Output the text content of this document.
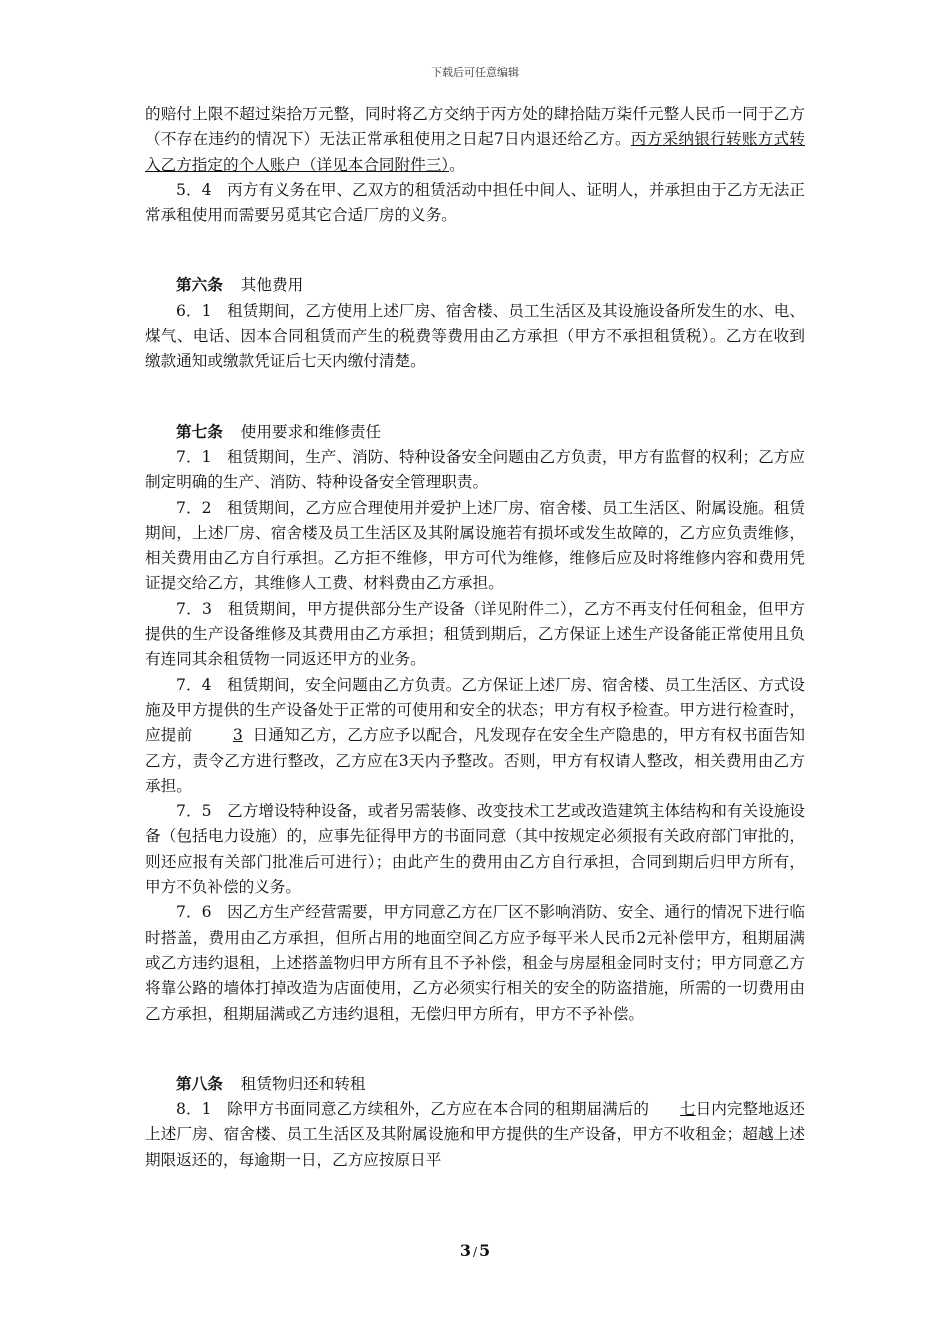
下载后可任意编辑

的赔付上限不超过柒拾万元整，同时将乙方交纳于丙方处的肆拾陆万柒仟元整人民币一同于乙方（不存在违约的情况下）无法正常承租使用之日起7日内退还给乙方。丙方采纳银行转账方式转入乙方指定的个人账户（详见本合同附件三）。

5．4　丙方有义务在甲、乙双方的租赁活动中担任中间人、证明人，并承担由于乙方无法正常承租使用而需要另觅其它合适厂房的义务。

第六条 其他费用

6．1　租赁期间，乙方使用上述厂房、宿舍楼、员工生活区及其设施设备所发生的水、电、煤气、电话、因本合同租赁而产生的税费等费用由乙方承担（甲方不承担租赁税）。乙方在收到缴款通知或缴款凭证后七天内缴付清楚。

第七条 使用要求和维修责任

7．1　租赁期间，生产、消防、特种设备安全问题由乙方负责，甲方有监督的权利；乙方应制定明确的生产、消防、特种设备安全管理职责。

7．2　租赁期间，乙方应合理使用并爱护上述厂房、宿舍楼、员工生活区、附属设施。租赁期间，上述厂房、宿舍楼及员工生活区及其附属设施若有损坏或发生故障的，乙方应负责维修，相关费用由乙方自行承担。乙方拒不维修，甲方可代为维修，维修后应及时将维修内容和费用凭证提交给乙方，其维修人工费、材料费由乙方承担。

7．3　租赁期间，甲方提供部分生产设备（详见附件二），乙方不再支付任何租金，但甲方提供的生产设备维修及其费用由乙方承担；租赁到期后，乙方保证上述生产设备能正常使用且负有连同其余租赁物一同返还甲方的业务。

7．4　租赁期间，安全问题由乙方负责。乙方保证上述厂房、宿舍楼、员工生活区、方式设施及甲方提供的生产设备处于正常的可使用和安全的状态；甲方有权予检查。甲方进行检查时，应提前	3 日通知乙方，乙方应予以配合，凡发现存在安全生产隐患的，甲方有权书面告知乙方，责令乙方进行整改，乙方应在3天内予整改。否则，甲方有权请人整改，相关费用由乙方承担。

7．5　乙方增设特种设备，或者另需装修、改变技术工艺或改造建筑主体结构和有关设施设备（包括电力设施）的，应事先征得甲方的书面同意（其中按规定必须报有关政府部门审批的，则还应报有关部门批准后可进行）；由此产生的费用由乙方自行承担，合同到期后归甲方所有，甲方不负补偿的义务。

7．6　因乙方生产经营需要，甲方同意乙方在厂区不影响消防、安全、通行的情况下进行临时搭盖，费用由乙方承担，但所占用的地面空间乙方应予每平米人民币2元补偿甲方，租期届满或乙方违约退租，上述搭盖物归甲方所有且不予补偿，租金与房屋租金同时支付；甲方同意乙方将靠公路的墙体打掉改造为店面使用，乙方必须实行相关的安全的防盗措施，所需的一切费用由乙方承担，租期届满或乙方违约退租，无偿归甲方所有，甲方不予补偿。

第八条 租赁物归还和转租

8．1　除甲方书面同意乙方续租外，乙方应在本合同的租期届满后的 七日内完整地返还上述厂房、宿舍楼、员工生活区及其附属设施和甲方提供的生产设备，甲方不收租金；超越上述期限返还的，每逾期一日，乙方应按原日平

3 / 5
